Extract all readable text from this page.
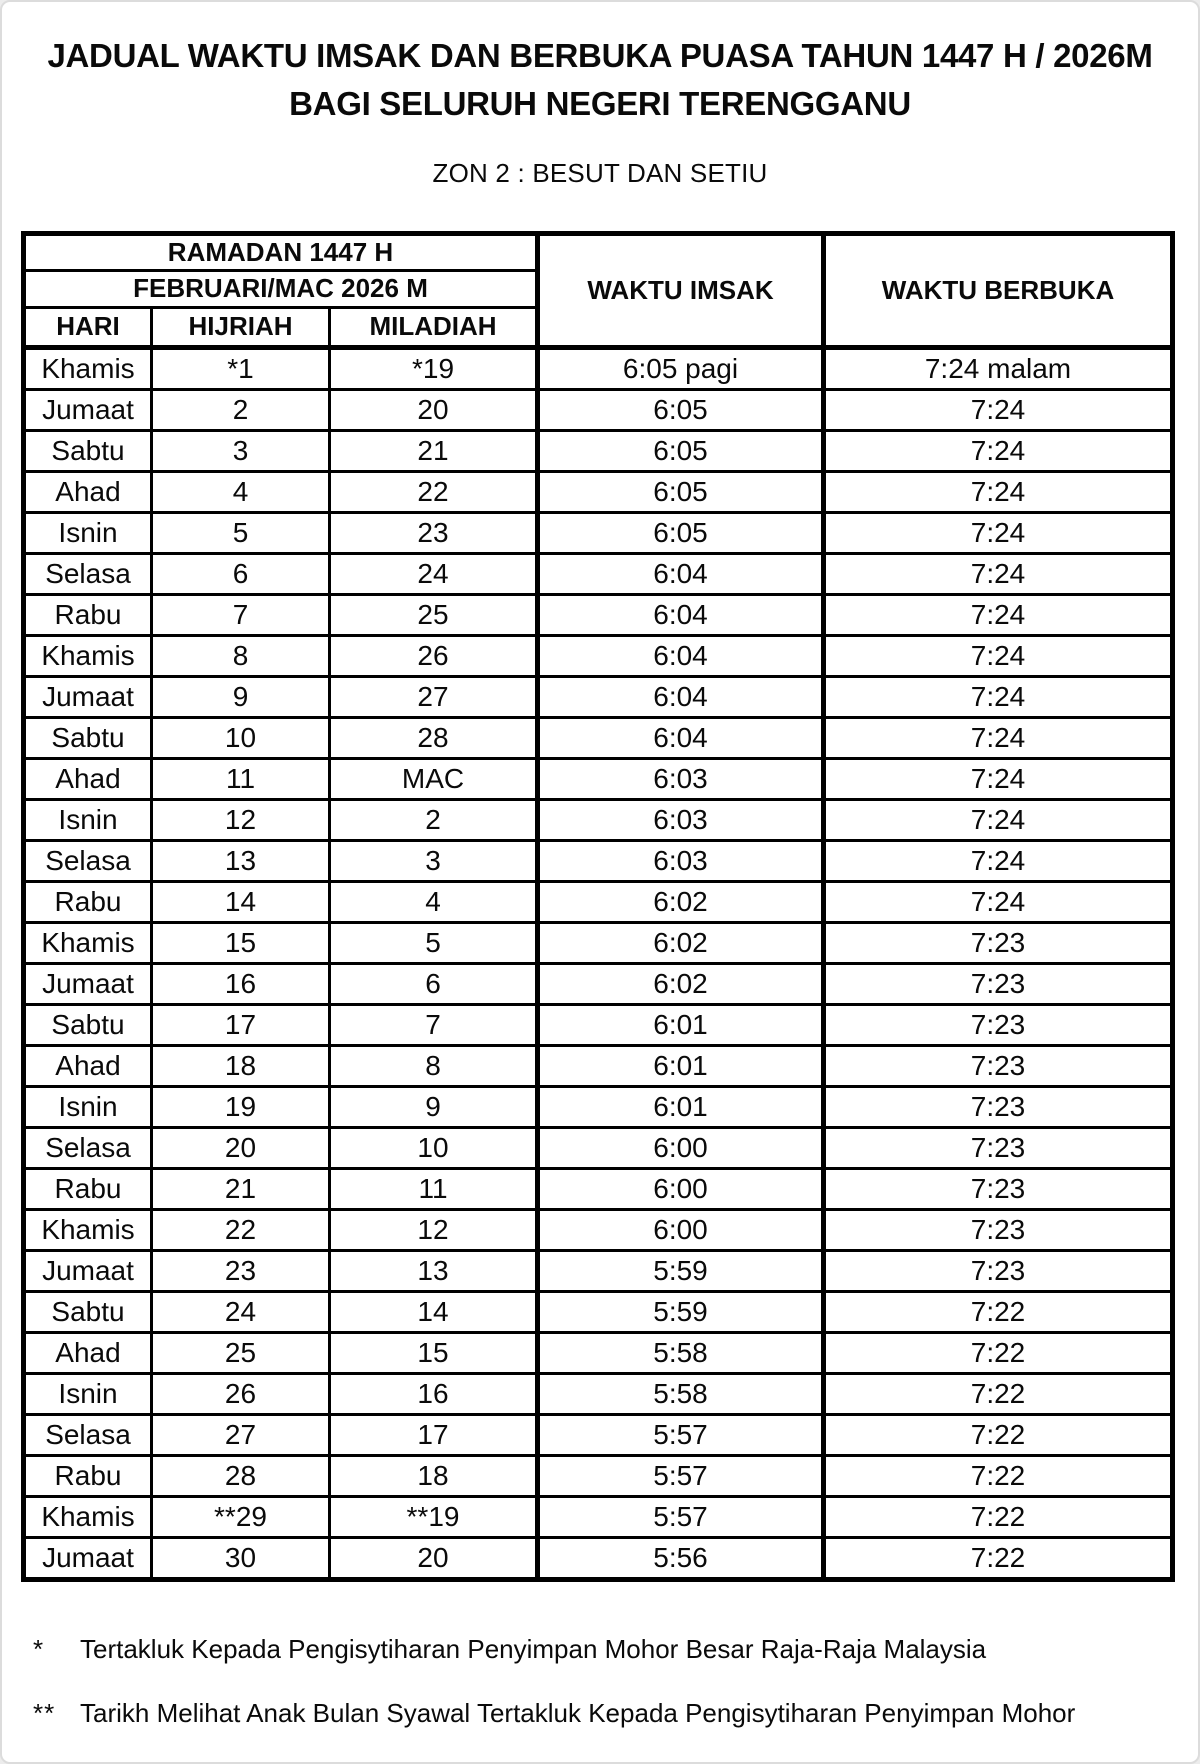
JADUAL WAKTU IMSAK DAN BERBUKA PUASA TAHUN 1447 H / 2026M
BAGI SELURUH NEGERI TERENGGANU
ZON 2 : BESUT DAN SETIU
RAMADAN 1447 H			WAKTU IMSAK	WAKTU BERBUKA
FEBRUARI/MAC 2026 M				
HARI	HIJRIAH	MILADIAH		
Khamis	*1	*19	6:05 pagi	7:24 malam
Jumaat	2	20	6:05	7:24
Sabtu	3	21	6:05	7:24
Ahad	4	22	6:05	7:24
Isnin	5	23	6:05	7:24
Selasa	6	24	6:04	7:24
Rabu	7	25	6:04	7:24
Khamis	8	26	6:04	7:24
Jumaat	9	27	6:04	7:24
Sabtu	10	28	6:04	7:24
Ahad	11	MAC	6:03	7:24
Isnin	12	2	6:03	7:24
Selasa	13	3	6:03	7:24
Rabu	14	4	6:02	7:24
Khamis	15	5	6:02	7:23
Jumaat	16	6	6:02	7:23
Sabtu	17	7	6:01	7:23
Ahad	18	8	6:01	7:23
Isnin	19	9	6:01	7:23
Selasa	20	10	6:00	7:23
Rabu	21	11	6:00	7:23
Khamis	22	12	6:00	7:23
Jumaat	23	13	5:59	7:23
Sabtu	24	14	5:59	7:22
Ahad	25	15	5:58	7:22
Isnin	26	16	5:58	7:22
Selasa	27	17	5:57	7:22
Rabu	28	18	5:57	7:22
Khamis	**29	**19	5:57	7:22
Jumaat	30	20	5:56	7:22
*	Tertakluk Kepada Pengisytiharan Penyimpan Mohor Besar Raja-Raja Malaysia
** Tarikh Melihat Anak Bulan Syawal Tertakluk Kepada Pengisytiharan Penyimpan Mohor
